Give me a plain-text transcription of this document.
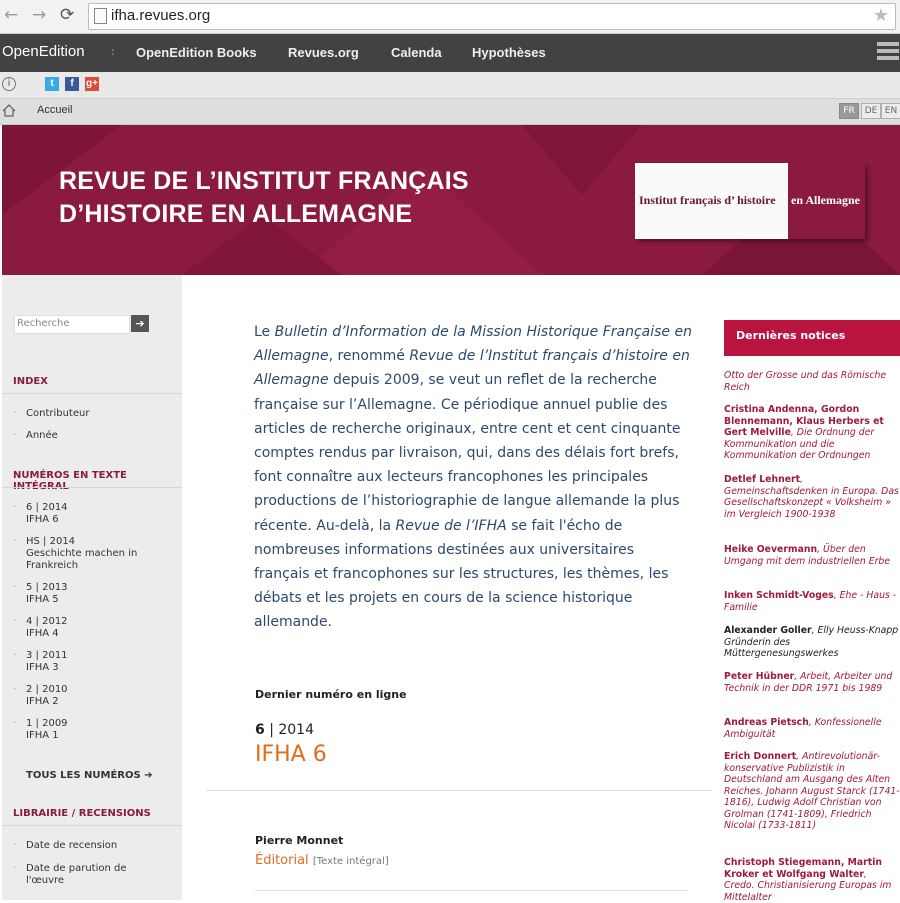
← → ⟳ ifha.revues.org	★
OpenEdition : OpenEdition Books Revues.org Calenda Hypothèses
i	t	f	g+
Accueil	FR	DE EN
REVUE DE L’INSTITUT FRANÇAIS
D’HISTOIRE EN ALLEMAGNE	Institut français d’ histoire en Allemagne
Recherche	➔
INDEX
· Contributeur
· Année
NUMÉROS EN TEXTE
· 6 | 2014

IFHA 6
· HS | 2014
Geschichte machen in
Frankreich
· 5 | 2013
IFHA 5
· 4 | 2012
IFHA 4
· 3 | 2011
IFHA 3
· 2 | 2010
IFHA 2
· 1 | 2009
IFHA 1
TOUS LES NUMÉROS ➔
LIBRAIRIE / RECENSIONS
· Date de recension
· Date de parution de
l'œuvre
Le Bulletin d’Information de la Mission Historique Française en Allemagne, renommé Revue de l’Institut français d’histoire en Allemagne depuis 2009, se veut un reflet de la recherche française sur l’Allemagne. Ce périodique annuel publie des articles de recherche originaux, entre cent et cent cinquante comptes rendus par livraison, qui, dans des délais fort brefs, font connaître aux lecteurs francophones les principales productions de l’historiographie de langue allemande la plus récente. Au-delà, la Revue de l’IFHA se fait l'écho de nombreuses informations destinées aux universitaires français et francophones sur les structures, les thèmes, les débats et les projets en cours de la science historique allemande.
Dernier numéro en ligne
6 | 2014
IFHA 6
Pierre Monnet
Éditorial [Texte intégral]
Dernières notices
Otto der Grosse und das Römische Reich
Cristina Andenna, Gordon Blennemann, Klaus Herbers et Gert Melville, Die Ordnung der Kommunikation und die Kommunikation der Ordnungen
Detlef Lehnert, Gemeinschaftsdenken in Europa. Das Gesellschaftskonzept « Volksheim » im Vergleich 1900-1938
Heike Oevermann, Über den Umgang mit dem industriellen Erbe
Inken Schmidt-Voges, Ehe - Haus - Familie
Alexander Goller, Elly Heuss-Knapp Gründerin des Müttergenesungswerkes
Peter Hübner, Arbeit, Arbeiter und Technik in der DDR 1971 bis 1989
Andreas Pietsch, Konfessionelle Ambiguität
Erich Donnert, Antirevolutionär-konservative Publizistik in Deutschland am Ausgang des Alten Reiches. Johann August Starck (1741-1816), Ludwig Adolf Christian von Grolman (1741-1809), Friedrich Nicolai (1733-1811)
Christoph Stiegemann, Martin Kroker et Wolfgang Walter, Credo. Christianisierung Europas im Mittelalter
